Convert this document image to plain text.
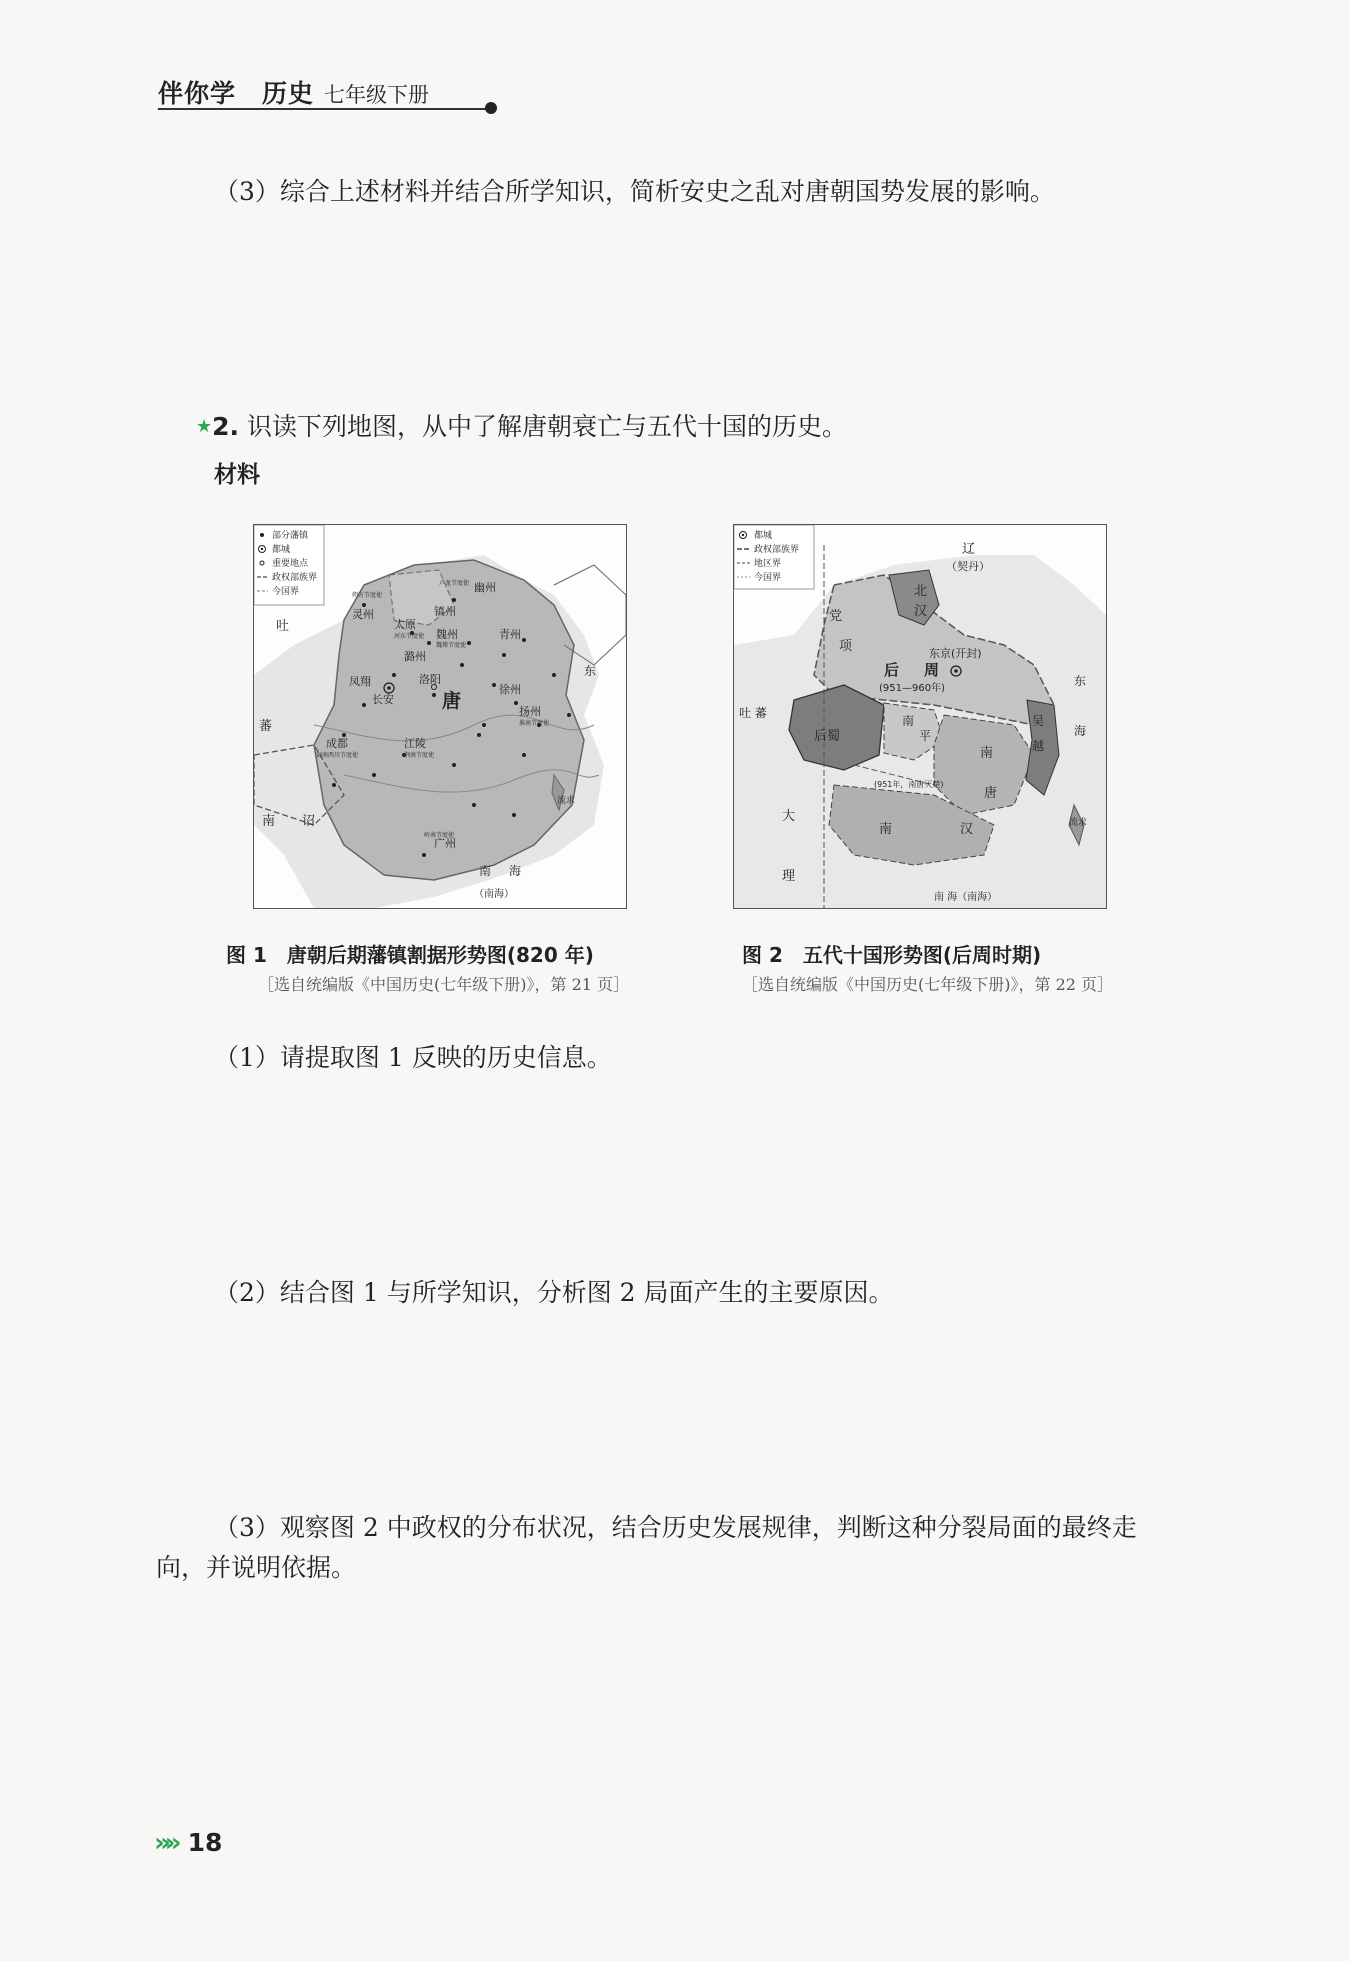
伴你学　历史 七年级下册
（3）综合上述材料并结合所学知识，简析安史之乱对唐朝国势发展的影响。
★2. 识读下列地图，从中了解唐朝衰亡与五代十国的历史。
材料
部分藩镇
都城
重要地点
政权部族界
今国界
吐
蕃
南 诏
唐
灵州
太原
镇州
魏州
幽州
青州
潞州
洛阳
长安
凤翔
徐州
扬州
江陵
成都
广州
流求
东
南 海
（南海）
朔方节度使
河东节度使
卢龙节度使
魏博节度使
淮南节度使
剑南西川节度使
岭南节度使
荆南节度使
都城
政权部族界
地区界
今国界
辽
（契丹）
党
项
北
汉
东京(开封)
后 周
(951—960年)
吐 蕃
后蜀
南
平
吴
越
南
唐
(951年，南唐灭楚)
南	汉
大
理
流求
东
海
南 海（南海）
图 1　唐朝后期藩镇割据形势图(820 年)
［选自统编版《中国历史(七年级下册)》，第 21 页］
图 2　五代十国形势图(后周时期)
［选自统编版《中国历史(七年级下册)》，第 22 页］
（1）请提取图 1 反映的历史信息。
（2）结合图 1 与所学知识，分析图 2 局面产生的主要原因。
（3）观察图 2 中政权的分布状况，结合历史发展规律，判断这种分裂局面的最终走
向，并说明依据。
»» 18
